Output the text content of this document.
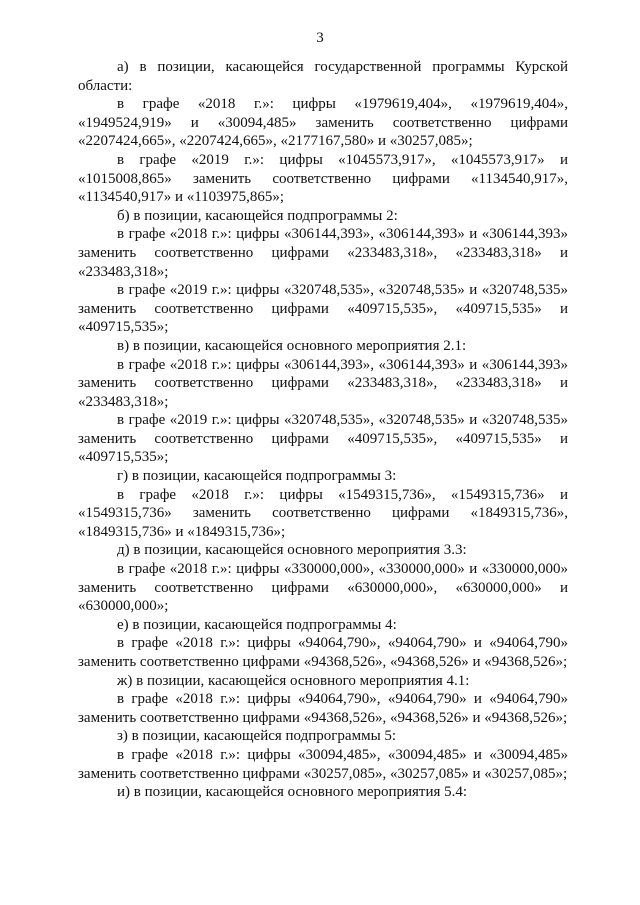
3

а) в позиции, касающейся государственной программы Курской области:

в графе «2018 г.»: цифры «1979619,404», «1979619,404», «1949524,919» и «30094,485» заменить соответственно цифрами «2207424,665», «2207424,665», «2177167,580» и «30257,085»;

в графе «2019 г.»: цифры «1045573,917», «1045573,917» и «1015008,865» заменить соответственно цифрами «1134540,917», «1134540,917» и «1103975,865»;

б) в позиции, касающейся подпрограммы 2:

в графе «2018 г.»: цифры «306144,393», «306144,393» и «306144,393» заменить соответственно цифрами «233483,318», «233483,318» и «233483,318»;

в графе «2019 г.»: цифры «320748,535», «320748,535» и «320748,535» заменить соответственно цифрами «409715,535», «409715,535» и «409715,535»;

в) в позиции, касающейся основного мероприятия 2.1:

в графе «2018 г.»: цифры «306144,393», «306144,393» и «306144,393» заменить соответственно цифрами «233483,318», «233483,318» и «233483,318»;

в графе «2019 г.»: цифры «320748,535», «320748,535» и «320748,535» заменить соответственно цифрами «409715,535», «409715,535» и «409715,535»;

г) в позиции, касающейся подпрограммы 3:

в графе «2018 г.»: цифры «1549315,736», «1549315,736» и «1549315,736» заменить соответственно цифрами «1849315,736», «1849315,736» и «1849315,736»;

д) в позиции, касающейся основного мероприятия 3.3:

в графе «2018 г.»: цифры «330000,000», «330000,000» и «330000,000» заменить соответственно цифрами «630000,000», «630000,000» и «630000,000»;

е) в позиции, касающейся подпрограммы 4:

в графе «2018 г.»: цифры «94064,790», «94064,790» и «94064,790» заменить соответственно цифрами «94368,526», «94368,526» и «94368,526»;

ж) в позиции, касающейся основного мероприятия 4.1:

в графе «2018 г.»: цифры «94064,790», «94064,790» и «94064,790» заменить соответственно цифрами «94368,526», «94368,526» и «94368,526»;

з) в позиции, касающейся подпрограммы 5:

в графе «2018 г.»: цифры «30094,485», «30094,485» и «30094,485» заменить соответственно цифрами «30257,085», «30257,085» и «30257,085»;

и) в позиции, касающейся основного мероприятия 5.4:
